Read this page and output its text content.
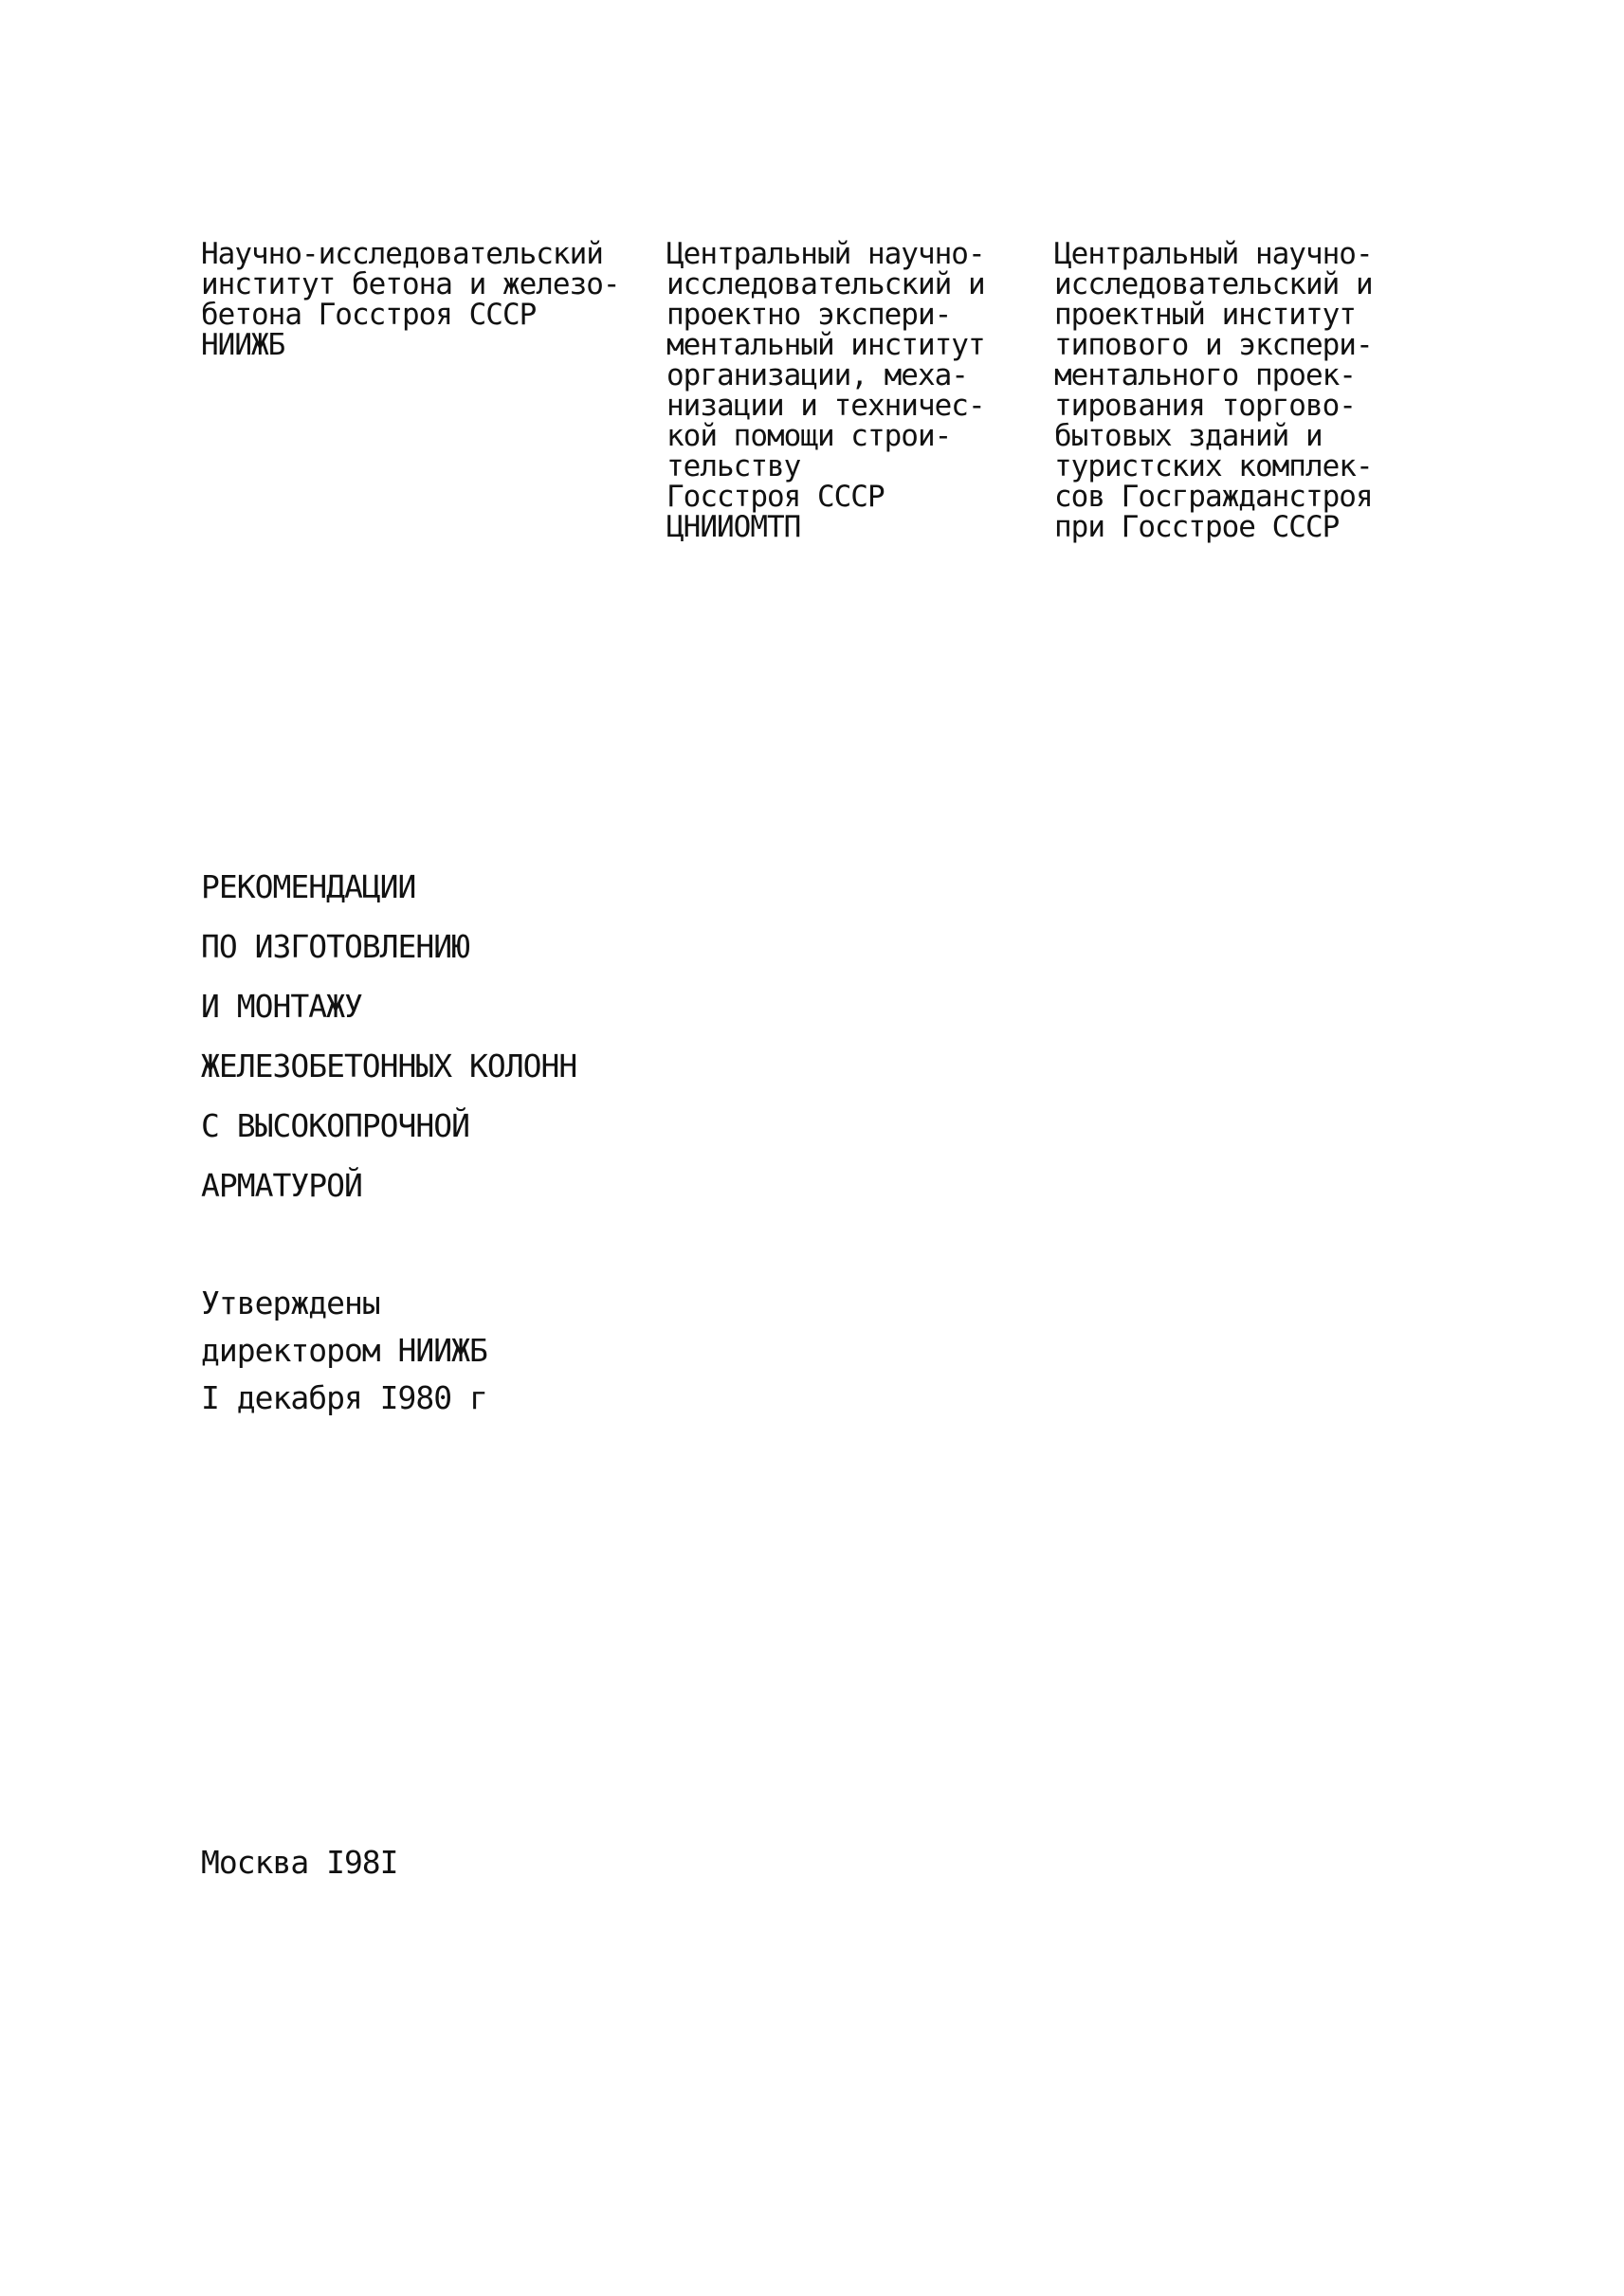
Научно-исследовательский
институт бетона и железо-
бетона Госстроя СССР
НИИЖБ
Центральный научно-
исследовательский и
проектно экспери-
ментальный институт
организации, меха-
низации и техничес-
кой помощи строи-
тельству
Госстроя СССР
ЦНИИОМТП
Центральный научно-
исследовательский и
проектный институт
типового и экспери-
ментального проек-
тирования торгово-
бытовых зданий и
туристских комплек-
сов Госгражданстроя
при Госстрое СССР
РЕКОМЕНДАЦИИ
ПО ИЗГОТОВЛЕНИЮ
И МОНТАЖУ
ЖЕЛЕЗОБЕТОННЫХ КОЛОНН
С ВЫСОКОПРОЧНОЙ
АРМАТУРОЙ
Утверждены
директором НИИЖБ
I декабря I980 г
Москва I98I
